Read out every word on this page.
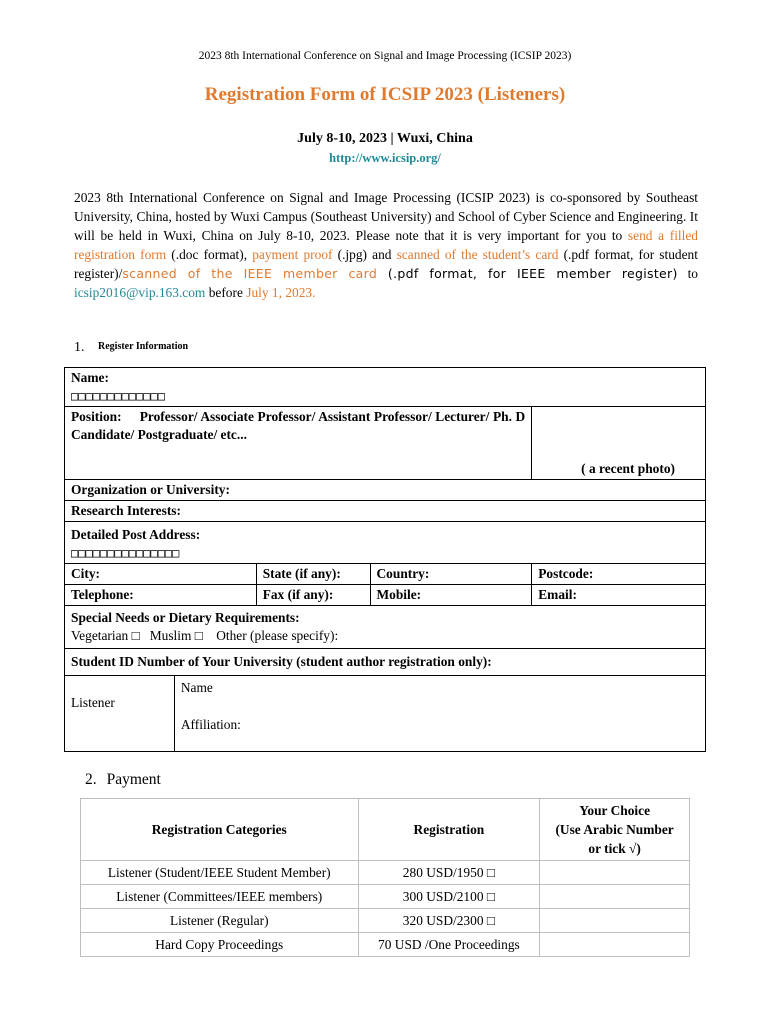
2023 8th International Conference on Signal and Image Processing (ICSIP 2023)
Registration Form of ICSIP 2023 (Listeners)
July 8-10, 2023 | Wuxi, China
http://www.icsip.org/
2023 8th International Conference on Signal and Image Processing (ICSIP 2023) is co-sponsored by Southeast University, China, hosted by Wuxi Campus (Southeast University) and School of Cyber Science and Engineering. It will be held in Wuxi, China on July 8-10, 2023. Please note that it is very important for you to send a filled registration form (.doc format), payment proof (.jpg) and scanned of the student’s card (.pdf format, for student register)/scanned of the IEEE member card (.pdf format, for IEEE member register) to icsip2016@vip.163.com before July 1, 2023.
1. Register Information
Name:
□□□□□□□□□□□□□				

Position: Professor/ Associate Professor/ Assistant Professor/ Lecturer/ Ph. D Candidate/ Postgraduate/ etc...				( a recent photo)

Organization or University:				
Research Interests:				

Detailed Post Address:
□□□□□□□□□□□□□□□				

City:		State (if any):	Country:	Postcode:
Telephone:		Fax (if any):	Mobile:	Email:

Special Needs or Dietary Requirements:
Vegetarian □   Muslim □    Other (please specify):				

Student ID Number of Your University (student author registration only):				
Listener	Name
Affiliation:			
2. Payment
Registration Categories	Registration	Your Choice
(Use Arabic Number
or tick √)

Listener (Student/IEEE Student Member)	280 USD/1950 □	
Listener (Committees/IEEE members)	300 USD/2100 □	
Listener (Regular)	320 USD/2300 □	
Hard Copy Proceedings	70 USD /One Proceedings	
